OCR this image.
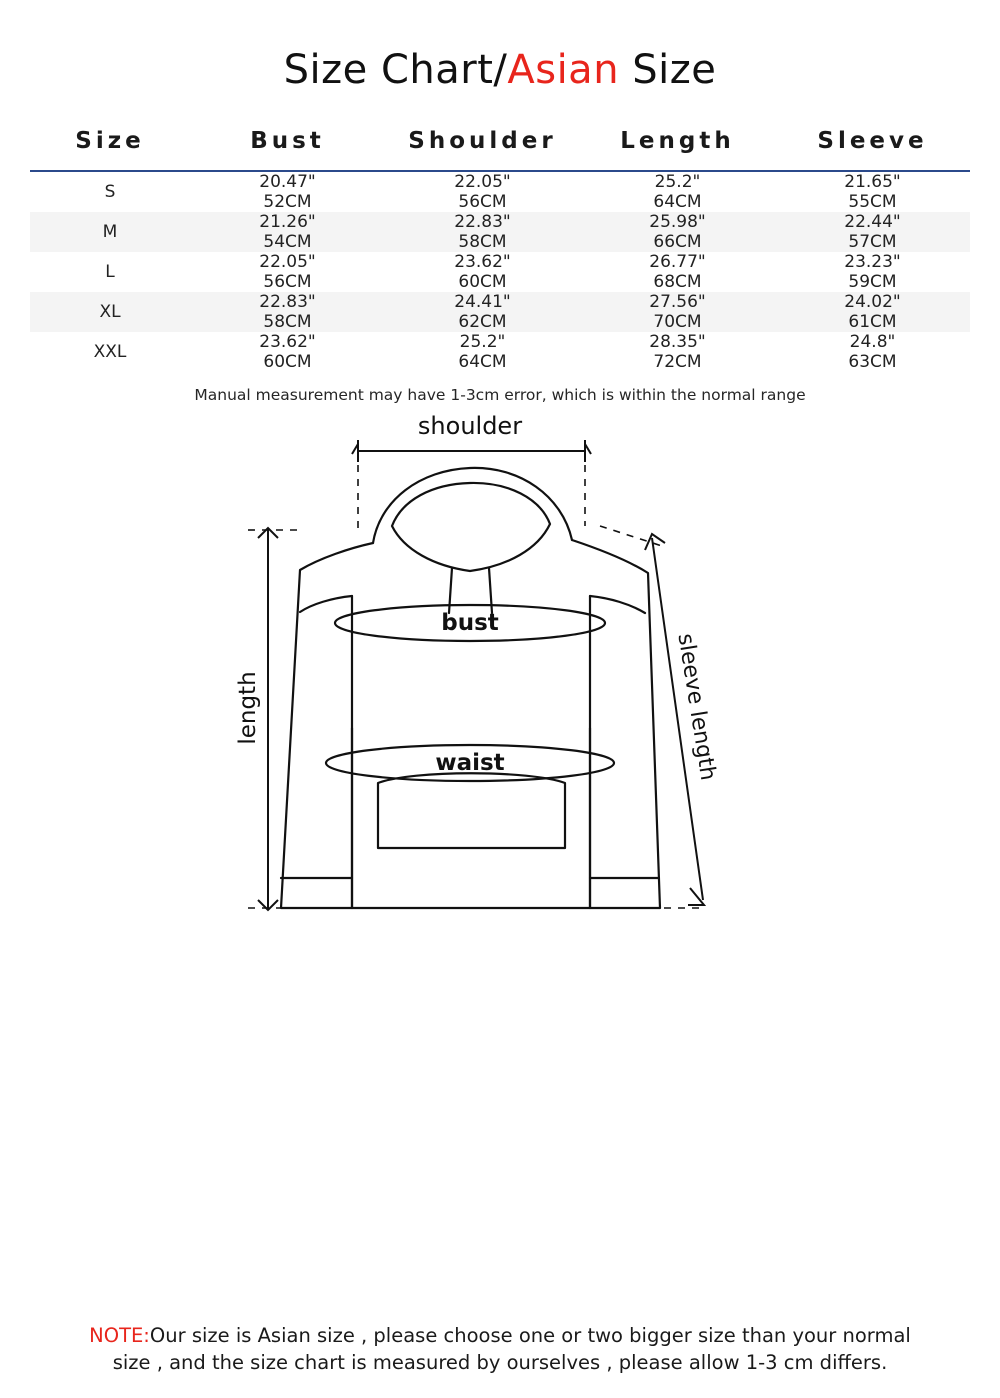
Size Chart/Asian Size
Size	Bust	Shoulder	Length	Sleeve
S	20.47"	22.05"	25.2"	21.65"
	52CM	56CM	64CM	55CM
M	21.26"	22.83"	25.98"	22.44"
	54CM	58CM	66CM	57CM
L	22.05"	23.62"	26.77"	23.23"
	56CM	60CM	68CM	59CM
XL	22.83"	24.41"	27.56"	24.02"
	58CM	62CM	70CM	61CM
XXL	23.62"	25.2"	28.35"	24.8"
	60CM	64CM	72CM	63CM
Manual measurement may have 1-3cm error, which is within the normal range
shoulder
bust
waist
length	sleeve length
NOTE:Our size is Asian size , please choose one or two bigger size than your normal
size , and the size chart is measured by ourselves , please allow 1-3 cm differs.
